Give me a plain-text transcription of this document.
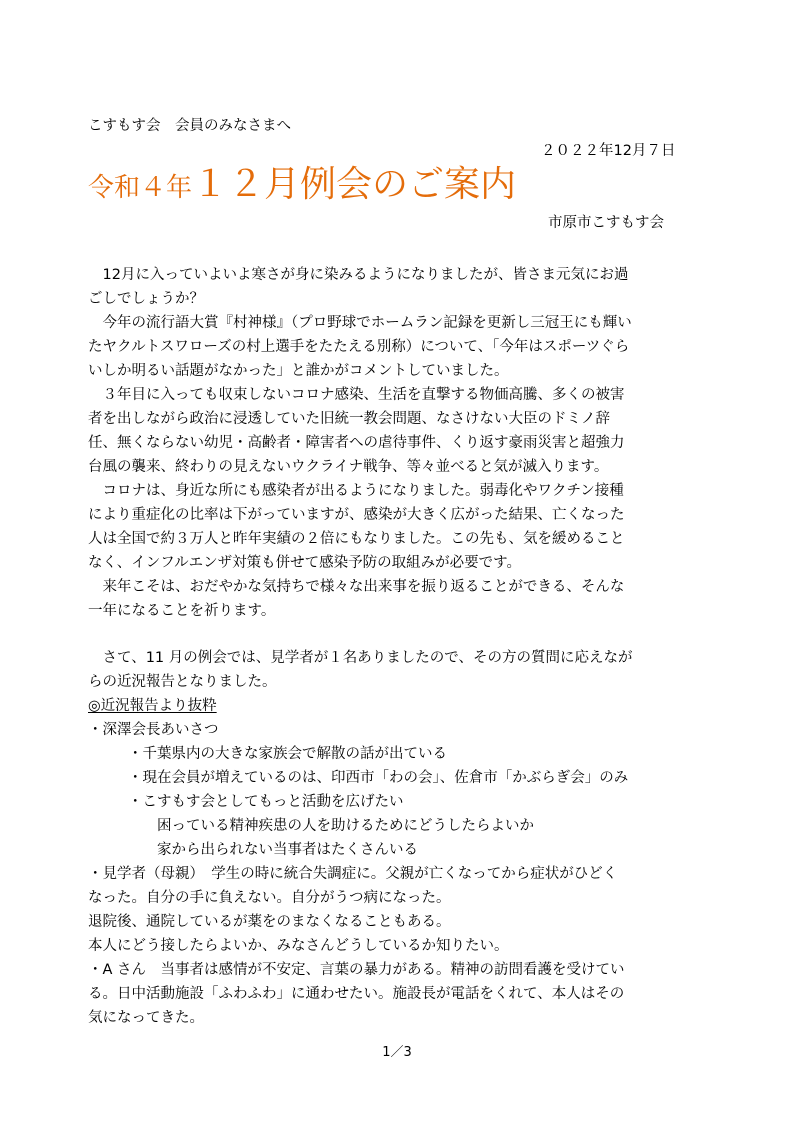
こすもす会　会員のみなさまへ
２０２２年12月７日
令和４年１２月例会のご案内
市原市こすもす会
　12月に入っていよいよ寒さが身に染みるようになりましたが、皆さま元気にお過
ごしでしょうか？
　今年の流行語大賞『村神様』（プロ野球でホームラン記録を更新し三冠王にも輝い
たヤクルトスワローズの村上選手をたたえる別称）について、「今年はスポーツぐら
いしか明るい話題がなかった」と誰かがコメントしていました。
　３年目に入っても収束しないコロナ感染、生活を直撃する物価高騰、多くの被害
者を出しながら政治に浸透していた旧統一教会問題、なさけない大臣のドミノ辞
任、無くならない幼児・高齢者・障害者への虐待事件、くり返す豪雨災害と超強力
台風の襲来、終わりの見えないウクライナ戦争、等々並べると気が滅入ります。
　コロナは、身近な所にも感染者が出るようになりました。弱毒化やワクチン接種
により重症化の比率は下がっていますが、感染が大きく広がった結果、亡くなった
人は全国で約３万人と昨年実績の２倍にもなりました。この先も、気を緩めること
なく、インフルエンザ対策も併せて感染予防の取組みが必要です。
　来年こそは、おだやかな気持ちで様々な出来事を振り返ることができる、そんな
一年になることを祈ります。
　さて、11 月の例会では、見学者が１名ありましたので、その方の質問に応えなが
らの近況報告となりました。
◎近況報告より抜粋
・深澤会長あいさつ
・千葉県内の大きな家族会で解散の話が出ている
・現在会員が増えているのは、印西市「わの会」、佐倉市「かぶらぎ会」のみ
・こすもす会としてもっと活動を広げたい
困っている精神疾患の人を助けるためにどうしたらよいか
家から出られない当事者はたくさんいる
・見学者（母親）　学生の時に統合失調症に。父親が亡くなってから症状がひどく
なった。自分の手に負えない。自分がうつ病になった。
退院後、通院しているが薬をのまなくなることもある。
本人にどう接したらよいか、みなさんどうしているか知りたい。
・A さん　当事者は感情が不安定、言葉の暴力がある。精神の訪問看護を受けてい
る。日中活動施設「ふわふわ」に通わせたい。施設長が電話をくれて、本人はその
気になってきた。
1／3
